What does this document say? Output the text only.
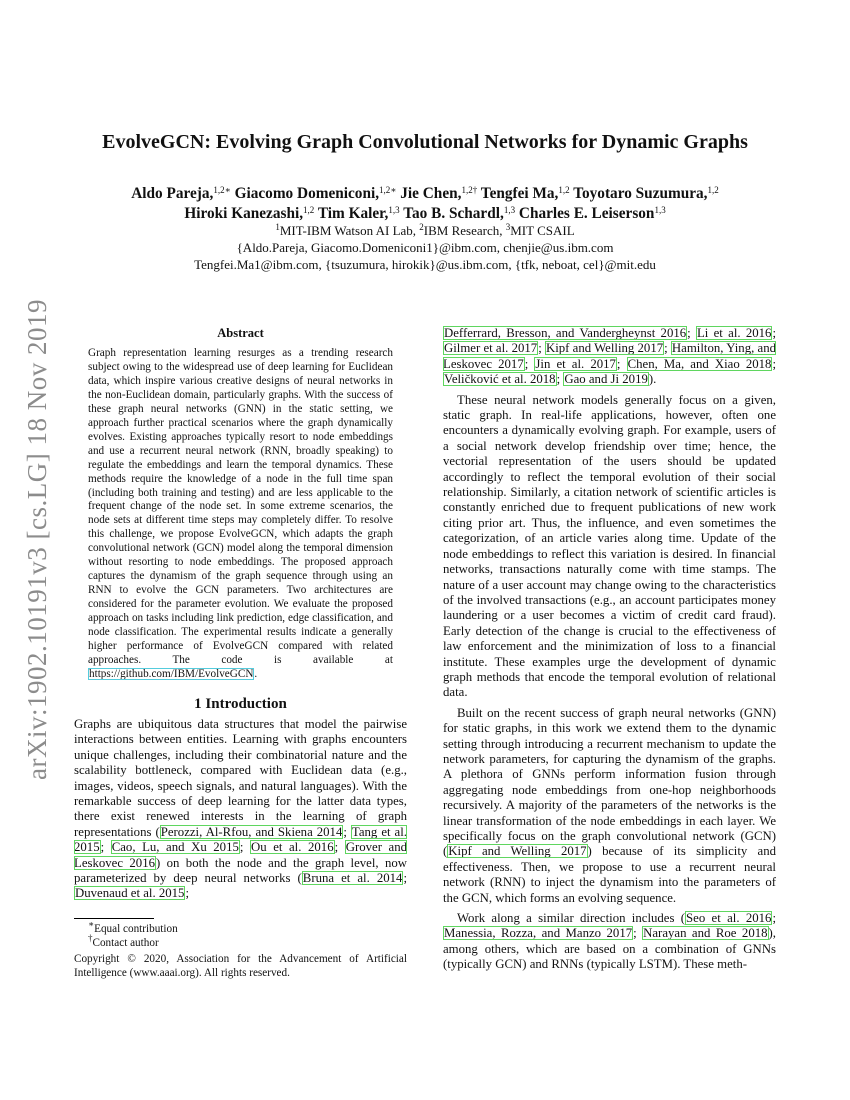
arXiv:1902.10191v3 [cs.LG] 18 Nov 2019
EvolveGCN: Evolving Graph Convolutional Networks for Dynamic Graphs
Aldo Pareja,$^{1,2∗}$ Giacomo Domeniconi,$^{1,2∗}$ Jie Chen,$^{1,2\dagger}$ Tengfei Ma,$^{1,2}$ Toyotaro Suzumura,$^{1,2}$
Hiroki Kanezashi,$^{1,2}$ Tim Kaler,$^{1,3}$ Tao B. Schardl,$^{1,3}$ Charles E. Leiserson$^{1,3}$
$^1$MIT-IBM Watson AI Lab, $^2$IBM Research, $^3$MIT CSAIL
{Aldo.Pareja, Giacomo.Domeniconi1}@ibm.com, chenjie@us.ibm.com
Tengfei.Ma1@ibm.com, {tsuzumura, hirokik}@us.ibm.com, {tfk, neboat, cel}@mit.edu
Abstract
Graph representation learning resurges as a trending research subject owing to the widespread use of deep learning for Euclidean data, which inspire various creative designs of neural networks in the non-Euclidean domain, particularly graphs. With the success of these graph neural networks (GNN) in the static setting, we approach further practical scenarios where the graph dynamically evolves. Existing approaches typically resort to node embeddings and use a recurrent neural network (RNN, broadly speaking) to regulate the embeddings and learn the temporal dynamics. These methods require the knowledge of a node in the full time span (including both training and testing) and are less applicable to the frequent change of the node set. In some extreme scenarios, the node sets at different time steps may completely differ. To resolve this challenge, we propose EvolveGCN, which adapts the graph convolutional network (GCN) model along the temporal dimension without resorting to node embeddings. The proposed approach captures the dynamism of the graph sequence through using an RNN to evolve the GCN parameters. Two architectures are considered for the parameter evolution. We evaluate the proposed approach on tasks including link prediction, edge classification, and node classification. The experimental results indicate a generally higher performance of EvolveGCN compared with related approaches. The code is available at https://github.com/IBM/EvolveGCN.
1 Introduction

Graphs are ubiquitous data structures that model the pairwise interactions between entities. Learning with graphs encounters unique challenges, including their combinatorial nature and the scalability bottleneck, compared with Euclidean data (e.g., images, videos, speech signals, and natural languages). With the remarkable success of deep learning for the latter data types, there exist renewed interests in the learning of graph representations (Perozzi, Al-Rfou, and Skiena 2014; Tang et al. 2015; Cao, Lu, and Xu 2015; Ou et al. 2016; Grover and Leskovec 2016) on both the node and the graph level, now parameterized by deep neural networks (Bruna et al. 2014; Duvenaud et al. 2015;

∗Equal contribution
†Contact author
Copyright © 2020, Association for the Advancement of Artificial Intelligence (www.aaai.org). All rights reserved.

Defferrard, Bresson, and Vandergheynst 2016; Li et al. 2016; Gilmer et al. 2017; Kipf and Welling 2017; Hamilton, Ying, and Leskovec 2017; Jin et al. 2017; Chen, Ma, and Xiao 2018; Veličković et al. 2018; Gao and Ji 2019).

These neural network models generally focus on a given, static graph. In real-life applications, however, often one encounters a dynamically evolving graph. For example, users of a social network develop friendship over time; hence, the vectorial representation of the users should be updated accordingly to reflect the temporal evolution of their social relationship. Similarly, a citation network of scientific articles is constantly enriched due to frequent publications of new work citing prior art. Thus, the influence, and even sometimes the categorization, of an article varies along time. Update of the node embeddings to reflect this variation is desired. In financial networks, transactions naturally come with time stamps. The nature of a user account may change owing to the characteristics of the involved transactions (e.g., an account participates money laundering or a user becomes a victim of credit card fraud). Early detection of the change is crucial to the effectiveness of law enforcement and the minimization of loss to a financial institute. These examples urge the development of dynamic graph methods that encode the temporal evolution of relational data.

Built on the recent success of graph neural networks (GNN) for static graphs, in this work we extend them to the dynamic setting through introducing a recurrent mechanism to update the network parameters, for capturing the dynamism of the graphs. A plethora of GNNs perform information fusion through aggregating node embeddings from one-hop neighborhoods recursively. A majority of the parameters of the networks is the linear transformation of the node embeddings in each layer. We specifically focus on the graph convolutional network (GCN) (Kipf and Welling 2017) because of its simplicity and effectiveness. Then, we propose to use a recurrent neural network (RNN) to inject the dynamism into the parameters of the GCN, which forms an evolving sequence.

Work along a similar direction includes (Seo et al. 2016; Manessia, Rozza, and Manzo 2017; Narayan and Roe 2018), among others, which are based on a combination of GNNs (typically GCN) and RNNs (typically LSTM). These meth-
